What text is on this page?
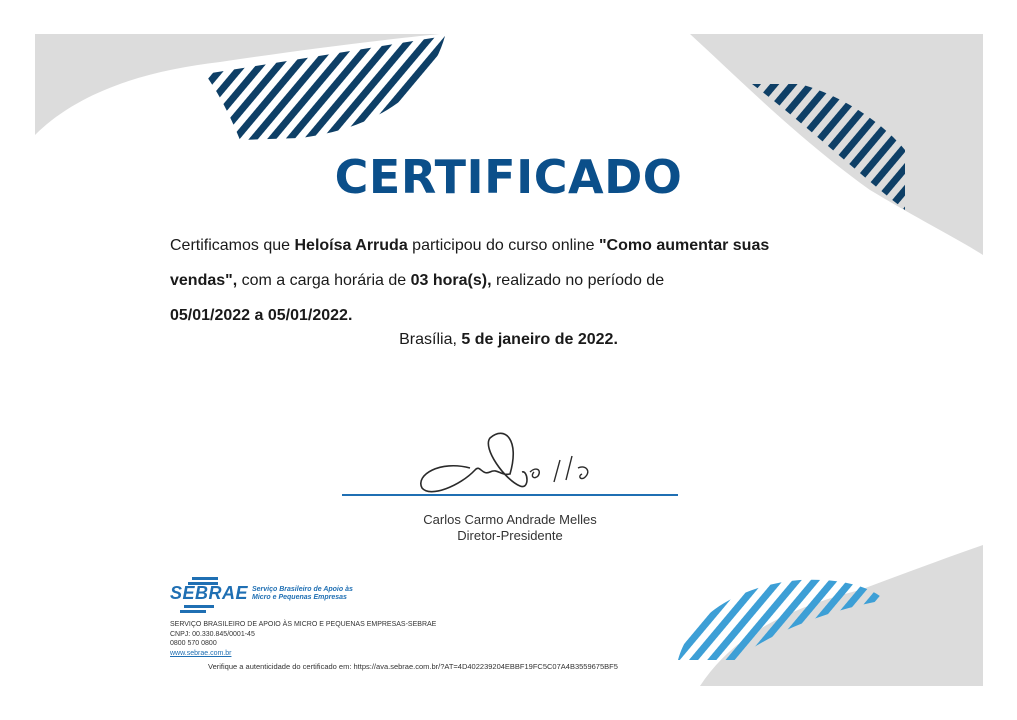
CERTIFICADO
Certificamos que Heloísa Arruda participou do curso online "Como aumentar suas vendas", com a carga horária de 03 hora(s), realizado no período de
05/01/2022 a 05/01/2022.
Brasília, 5 de janeiro de 2022.
Carlos Carmo Andrade Melles
Diretor-Presidente
SEBRAE Serviço Brasileiro de Apoio às Micro e Pequenas Empresas
SERVIÇO BRASILEIRO DE APOIO ÀS MICRO E PEQUENAS EMPRESAS-SEBRAE
CNPJ: 00.330.845/0001-45
0800 570 0800
www.sebrae.com.br
Verifique a autenticidade do certificado em: https://ava.sebrae.com.br/?AT=4D402239204EBBF19FC5C07A4B3559675BF5
